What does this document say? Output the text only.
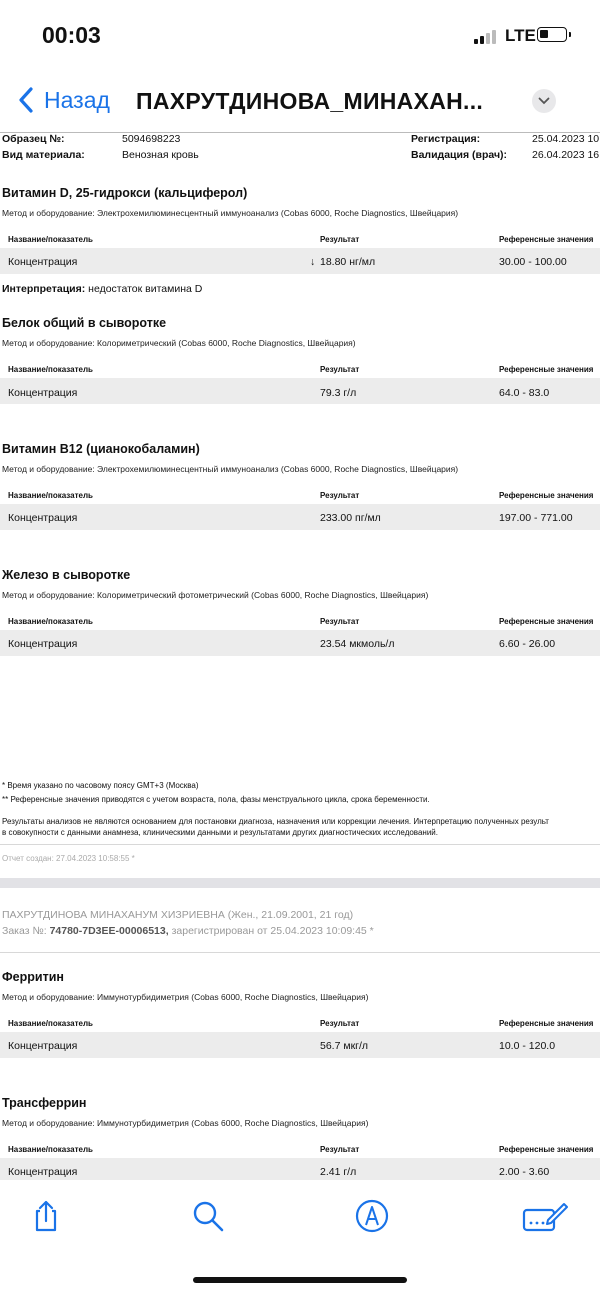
00:03	LTE
Назад ПАХРУТДИНОВА_МИНАХАН...
Образец №:	5094698223
Вид материала:	Венозная кровь
Регистрация:	25.04.2023 10
Валидация (врач): 26.04.2023 16
Витамин D, 25-гидрокси (кальциферол)
Метод и оборудование: Электрохемилюминесцентный иммуноанализ (Cobas 6000, Roche Diagnostics, Швейцария)
Название/показатель	Результат	Референсные значения
Концентрация	↓ 18.80 нг/мл	30.00 - 100.00
Интерпретация: недостаток витамина D
Белок общий в сыворотке
Метод и оборудование: Колориметрический (Cobas 6000, Roche Diagnostics, Швейцария)
Название/показатель	Результат	Референсные значения
Концентрация	79.3 г/л	64.0 - 83.0
Витамин B12 (цианокобаламин)
Метод и оборудование: Электрохемилюминесцентный иммуноанализ (Cobas 6000, Roche Diagnostics, Швейцария)
Название/показатель	Результат	Референсные значения
Концентрация	233.00 пг/мл	197.00 - 771.00
Железо в сыворотке
Метод и оборудование: Колориметрический фотометрический (Cobas 6000, Roche Diagnostics, Швейцария)
Название/показатель	Результат	Референсные значения
Концентрация	23.54 мкмоль/л	6.60 - 26.00
* Время указано по часовому поясу GMT+3 (Москва)
** Референсные значения приводятся с учетом возраста, пола, фазы менструального цикла, срока беременности.
Результаты анализов не являются основанием для постановки диагноза, назначения или коррекции лечения. Интерпретацию полученных результ
в совокупности с данными анамнеза, клиническими данными и результатами других диагностических исследований.
Отчет создан: 27.04.2023 10:58:55 *
ПАХРУТДИНОВА МИНАХАНУМ ХИЗРИЕВНА (Жен., 21.09.2001, 21 год)
Заказ №: 74780-7D3EE-00006513, зарегистрирован от 25.04.2023 10:09:45 *
Ферритин
Метод и оборудование: Иммунотурбидиметрия (Cobas 6000, Roche Diagnostics, Швейцария)
Название/показатель	Результат	Референсные значения
Концентрация	56.7 мкг/л	10.0 - 120.0
Трансферрин
Метод и оборудование: Иммунотурбидиметрия (Cobas 6000, Roche Diagnostics, Швейцария)
Название/показатель	Результат	Референсные значения
Концентрация	2.41 г/л	2.00 - 3.60
